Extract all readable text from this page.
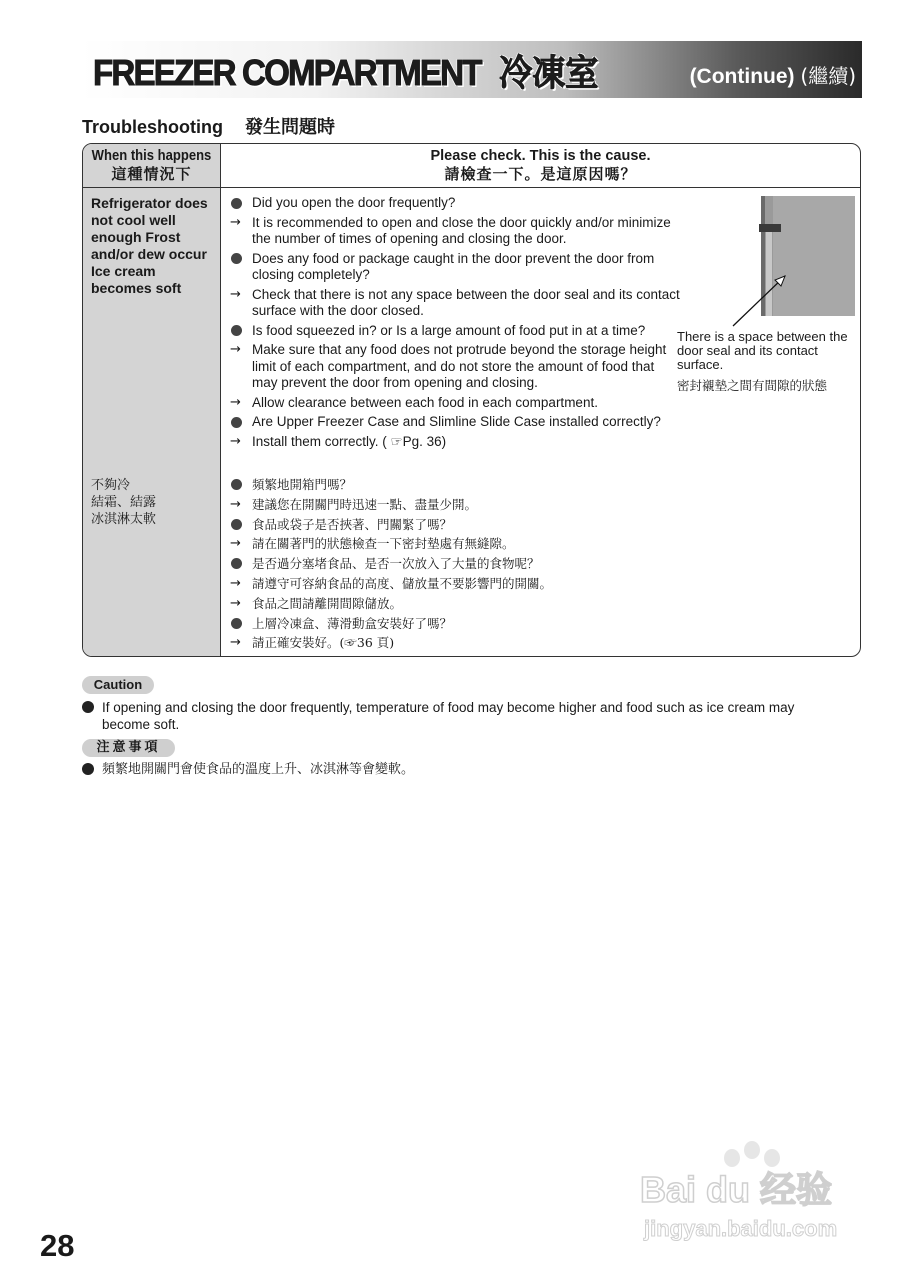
FREEZER COMPARTMENT 冷凍室	(Continue) (繼續)
Troubleshooting 發生問題時
When this happens
這種情況下
Please check. This is the cause.
請檢查一下。是這原因嗎？
Refrigerator does
not cool well
enough Frost
and/or dew occur
Ice cream
becomes soft
不夠冷
結霜、結露
冰淇淋太軟
Did you open the door frequently?
→ It is recommended to open and close the door quickly and/or minimize the number of times of opening and closing the door.
Does any food or package caught in the door prevent the door from closing completely?
→ Check that there is not any space between the door seal and its contact surface with the door closed.
Is food squeezed in? or Is a large amount of food put in at a time?
→ Make sure that any food does not protrude beyond the storage height limit of each compartment, and do not store the amount of food that may prevent the door from opening and closing.
→ Allow clearance between each food in each compartment.
Are Upper Freezer Case and Slimline Slide Case installed correctly?
→ Install them correctly. ( ☞Pg. 36)
頻繁地開箱門嗎？
→ 建議您在開關門時迅速一點、盡量少開。
食品或袋子是否挾著、門關緊了嗎？
→ 請在關著門的狀態檢查一下密封墊處有無縫隙。
是否過分塞堵食品、是否一次放入了大量的食物呢？
→ 請遵守可容納食品的高度、儲放量不要影響門的開關。
→ 食品之間請離開間隙儲放。
上層冷凍盒、薄滑動盒安裝好了嗎？
→ 請正確安裝好。(☞36 頁)
There is a space between the door seal and its contact surface.
密封襯墊之間有間隙的狀態
Caution
If opening and closing the door frequently, temperature of food may become higher and food such as ice cream may become soft.
注意事項
頻繁地開關門會使食品的溫度上升、冰淇淋等會變軟。
Bai du 经验
jingyan.baidu.com
28
